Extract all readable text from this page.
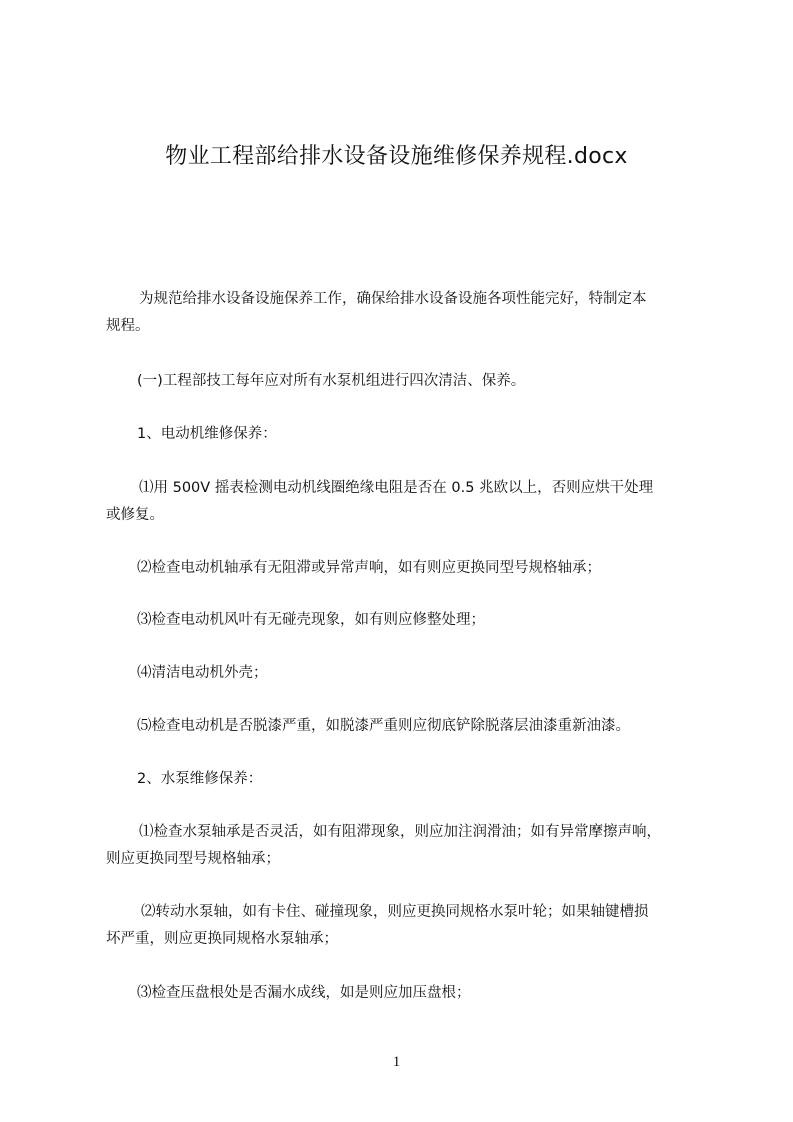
物业工程部给排水设备设施维修保养规程.docx
为规范给排水设备设施保养工作，确保给排水设备设施各项性能完好，特制定本
规程。
(一)工程部技工每年应对所有水泵机组进行四次清洁、保养。
1、电动机维修保养：
⑴用 500V 摇表检测电动机线圈绝缘电阻是否在 0.5 兆欧以上，否则应烘干处理
或修复。
⑵检查电动机轴承有无阻滞或异常声响，如有则应更换同型号规格轴承；
⑶检查电动机风叶有无碰壳现象，如有则应修整处理；
⑷清洁电动机外壳；
⑸检查电动机是否脱漆严重，如脱漆严重则应彻底铲除脱落层油漆重新油漆。
2、水泵维修保养：
⑴检查水泵轴承是否灵活，如有阻滞现象，则应加注润滑油；如有异常摩擦声响，
则应更换同型号规格轴承；
⑵转动水泵轴，如有卡住、碰撞现象，则应更换同规格水泵叶轮；如果轴键槽损
坏严重，则应更换同规格水泵轴承；
⑶检查压盘根处是否漏水成线，如是则应加压盘根；
1
